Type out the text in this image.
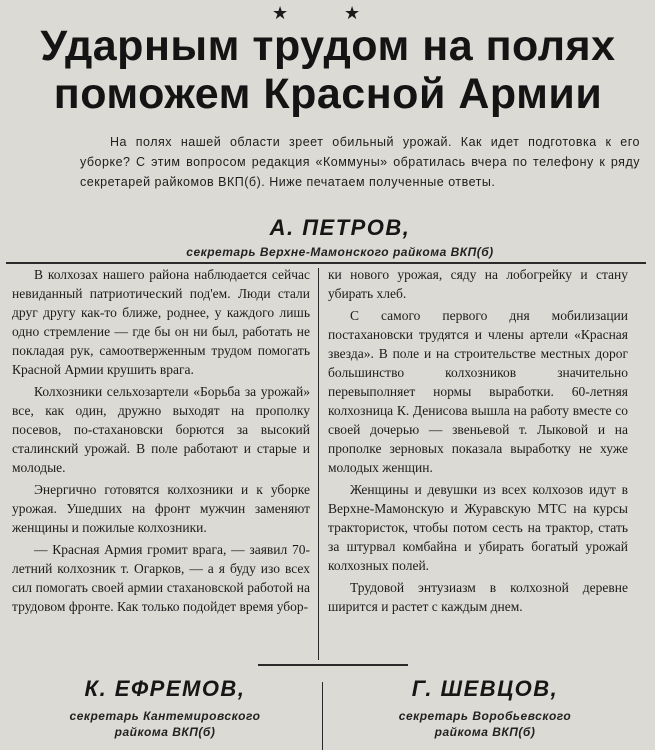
★	★
Ударным трудом на полях
поможем Красной Армии
На полях нашей области зреет обильный урожай. Как идет подготовка к его уборке? С этим вопросом редакция «Коммуны» обратилась вчера по телефону к ряду секретарей райкомов ВКП(б). Ниже печатаем полученные ответы.
А. ПЕТРОВ,
секретарь Верхне-Мамонского райкома ВКП(б)

В колхозах нашего района наблюдается сейчас невиданный патриотический под'ем. Люди стали друг другу как-то ближе, роднее, у каждого лишь одно стремление — где бы он ни был, работать не покладая рук, самоотверженным трудом помогать Красной Армии крушить врага.

Колхозники сельхозартели «Борьба за урожай» все, как один, дружно выходят на прополку посевов, по-стахановски борются за высокий сталинский урожай. В поле работают и старые и молодые.

Энергично готовятся колхозники и к уборке урожая. Ушедших на фронт мужчин заменяют женщины и пожилые колхозники.

— Красная Армия громит врага, — заявил 70-летний колхозник т. Огарков, — а я буду изо всех сил помогать своей армии стахановской работой на трудовом фронте. Как только подойдет время убор-

ки нового урожая, сяду на лобогрейку и стану убирать хлеб.

С самого первого дня мобилизации постахановски трудятся и члены артели «Красная звезда». В поле и на строительстве местных дорог большинство колхозников значительно перевыполняет нормы выработки. 60-летняя колхозница К. Денисова вышла на работу вместе со своей дочерью — звеньевой т. Лыковой и на прополке зерновых показала выработку не хуже молодых женщин.

Женщины и девушки из всех колхозов идут в Верхне-Мамонскую и Журавскую МТС на курсы трактористок, чтобы потом сесть на трактор, стать за штурвал комбайна и убирать богатый урожай колхозных полей.

Трудовой энтузиазм в колхозной деревне ширится и растет с каждым днем.

К. ЕФРЕМОВ,
секретарь Кантемировского
райкома ВКП(б)
Г. ШЕВЦОВ,
секретарь Воробьевского
райкома ВКП(б)
